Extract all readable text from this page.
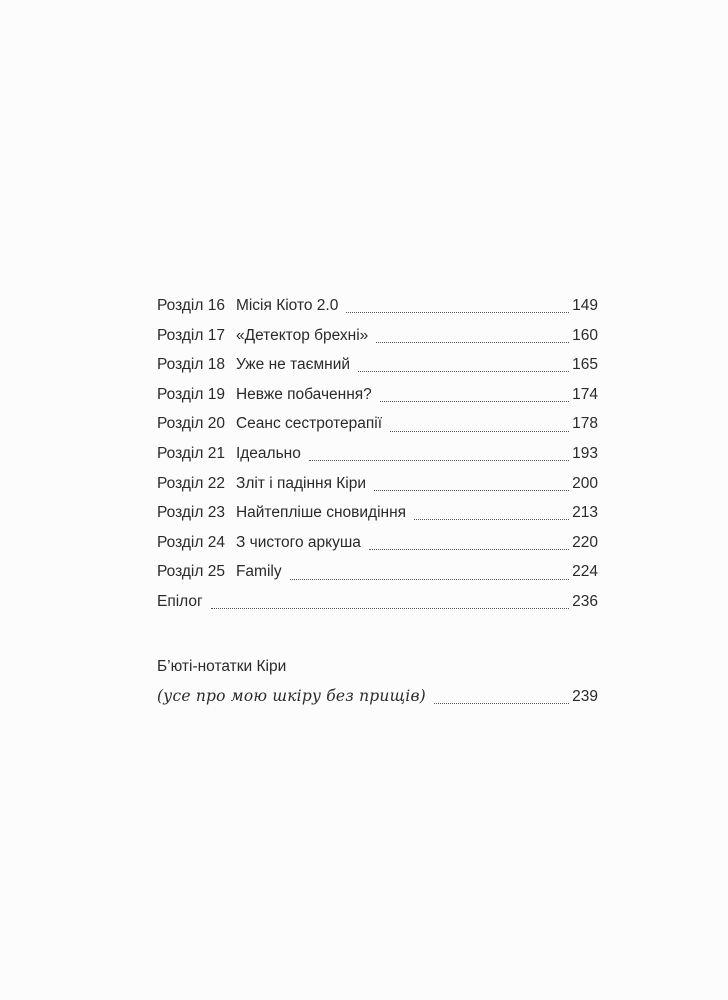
Розділ 16 Місія Кіото 2.0	149
Розділ 17 «Детектор брехні»	160
Розділ 18 Уже не таємний	165
Розділ 19 Невже побачення?	174
Розділ 20 Сеанс сестротерапії	178
Розділ 21 Ідеально	193
Розділ 22 Зліт і падіння Кіри	200
Розділ 23 Найтепліше сновидіння	213
Розділ 24 З чистого аркуша	220
Розділ 25 Family	224
Епілог	236
Б’юті-нотатки Кіри
(усе про мою шкіру без прищів)	239
